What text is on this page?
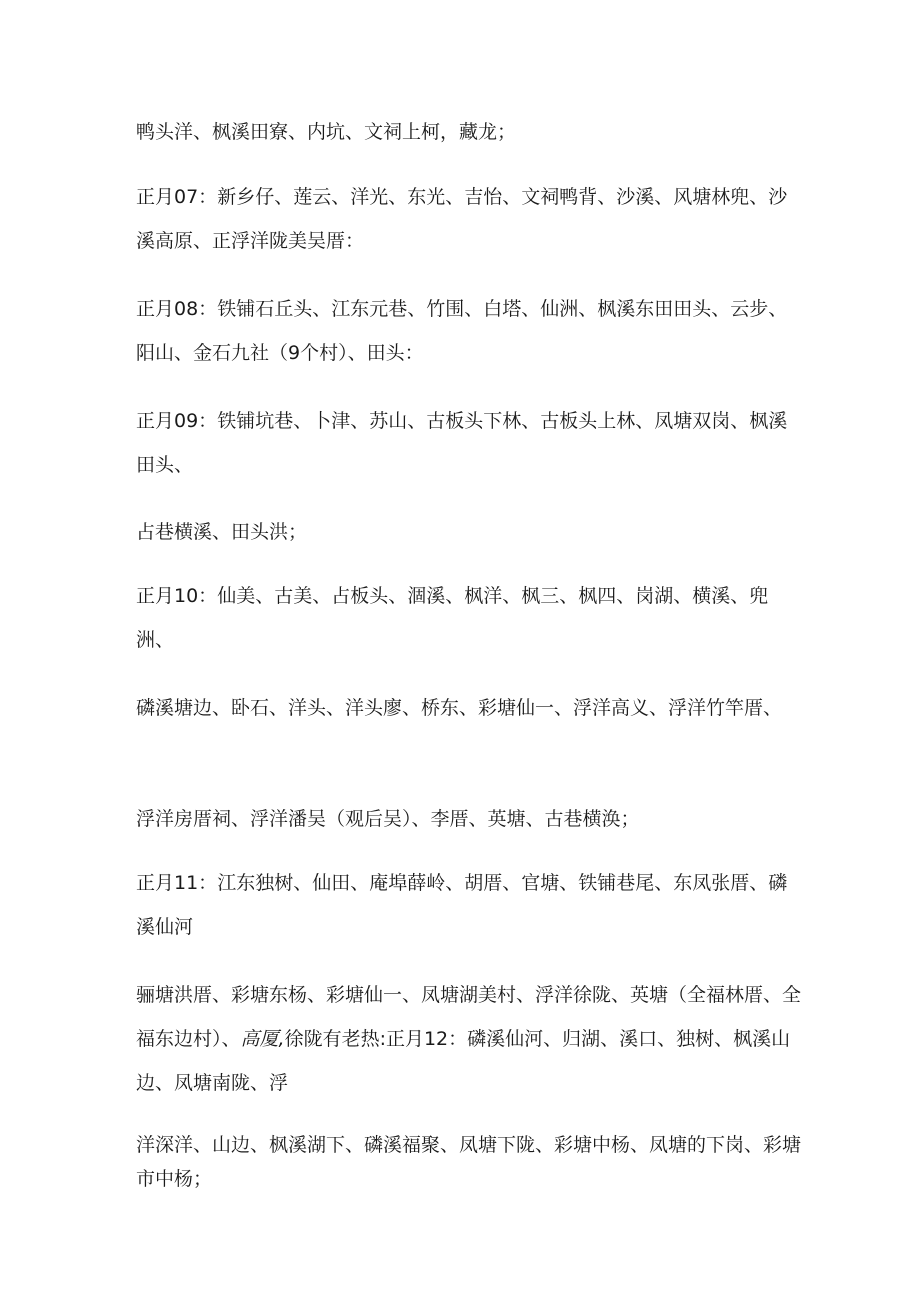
鸭头洋、枫溪田寮、内坑、文祠上柯，藏龙；

正月07：新乡仔、莲云、洋光、东光、吉怡、文祠鸭背、沙溪、风塘林兜、沙溪高原、正浮洋陇美吴厝：

正月08：铁铺石丘头、江东元巷、竹围、白塔、仙洲、枫溪东田田头、云步、阳山、金石九社（9个村）、田头：

正月09：铁铺坑巷、卜津、苏山、古板头下林、古板头上林、凤塘双岗、枫溪田头、

占巷横溪、田头洪；

正月10：仙美、古美、占板头、涸溪、枫洋、枫三、枫四、岗湖、横溪、兜洲、

磷溪塘边、卧石、洋头、洋头廖、桥东、彩塘仙一、浮洋高义、浮洋竹竿厝、

浮洋房厝祠、浮洋潘吴（观后吴）、李厝、英塘、古巷横涣；

正月11：江东独树、仙田、庵埠薛岭、胡厝、官塘、铁铺巷尾、东凤张厝、磷溪仙河

骊塘洪厝、彩塘东杨、彩塘仙一、凤塘湖美村、浮洋徐陇、英塘（全福林厝、全福东边村）、高厦,徐陇有老热:正月12：磷溪仙河、归湖、溪口、独树、枫溪山边、凤塘南陇、浮

洋深洋、山边、枫溪湖下、磷溪福聚、凤塘下陇、彩塘中杨、凤塘的下岗、彩塘市中杨；
